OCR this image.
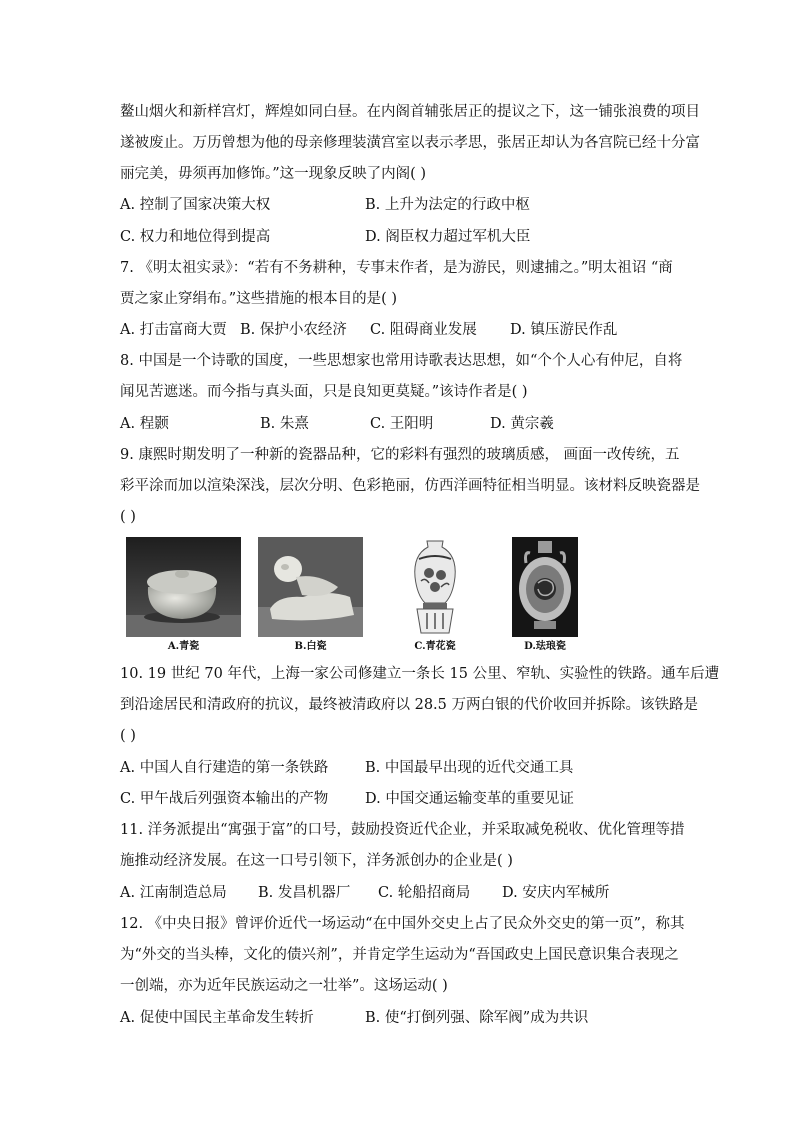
鳌山烟火和新样宫灯，辉煌如同白昼。在内阁首辅张居正的提议之下，这一铺张浪费的项目
遂被废止。万历曾想为他的母亲修理装潢宫室以表示孝思，张居正却认为各宫院已经十分富
丽完美，毋须再加修饰。”这一现象反映了内阁( )
A. 控制了国家决策大权	B. 上升为法定的行政中枢
C. 权力和地位得到提高	D. 阁臣权力超过军机大臣
7. 《明太祖实录》：“若有不务耕种，专事末作者，是为游民，则逮捕之。”明太祖诏 “商
贾之家止穿绢布。”这些措施的根本目的是( )
A. 打击富商大贾 B. 保护小农经济 C. 阻碍商业发展 D. 镇压游民作乱
8. 中国是一个诗歌的国度，一些思想家也常用诗歌表达思想，如“个个人心有仲尼，自将
闻见苦遮迷。而今指与真头面，只是良知更莫疑。”该诗作者是( )
A. 程颢	B. 朱熹	C. 王阳明	D. 黄宗羲
9. 康熙时期发明了一种新的瓷器品种，它的彩料有强烈的玻璃质感， 画面一改传统，五
彩平涂而加以渲染深浅，层次分明、色彩艳丽，仿西洋画特征相当明显。该材料反映瓷器是
( )
A.青瓷	B.白瓷	C.青花瓷	D.珐琅瓷
10. 19 世纪 70 年代，上海一家公司修建立一条长 15 公里、窄轨、实验性的铁路。通车后遭
到沿途居民和清政府的抗议，最终被清政府以 28.5 万两白银的代价收回并拆除。该铁路是
( )
A. 中国人自行建造的第一条铁路	B. 中国最早出现的近代交通工具
C. 甲午战后列强资本输出的产物	D. 中国交通运输变革的重要见证
11. 洋务派提出“寓强于富”的口号，鼓励投资近代企业，并采取减免税收、优化管理等措
施推动经济发展。在这一口号引领下，洋务派创办的企业是( )
A. 江南制造总局 B. 发昌机器厂 C. 轮船招商局 D. 安庆内军械所
12. 《中央日报》曾评价近代一场运动“在中国外交史上占了民众外交史的第一页”，称其
为“外交的当头棒，文化的债兴剂”，并肯定学生运动为“吾国政史上国民意识集合表现之
一创端，亦为近年民族运动之一壮举”。这场运动( )
A. 促使中国民主革命发生转折	B. 使“打倒列强、除军阀”成为共识
